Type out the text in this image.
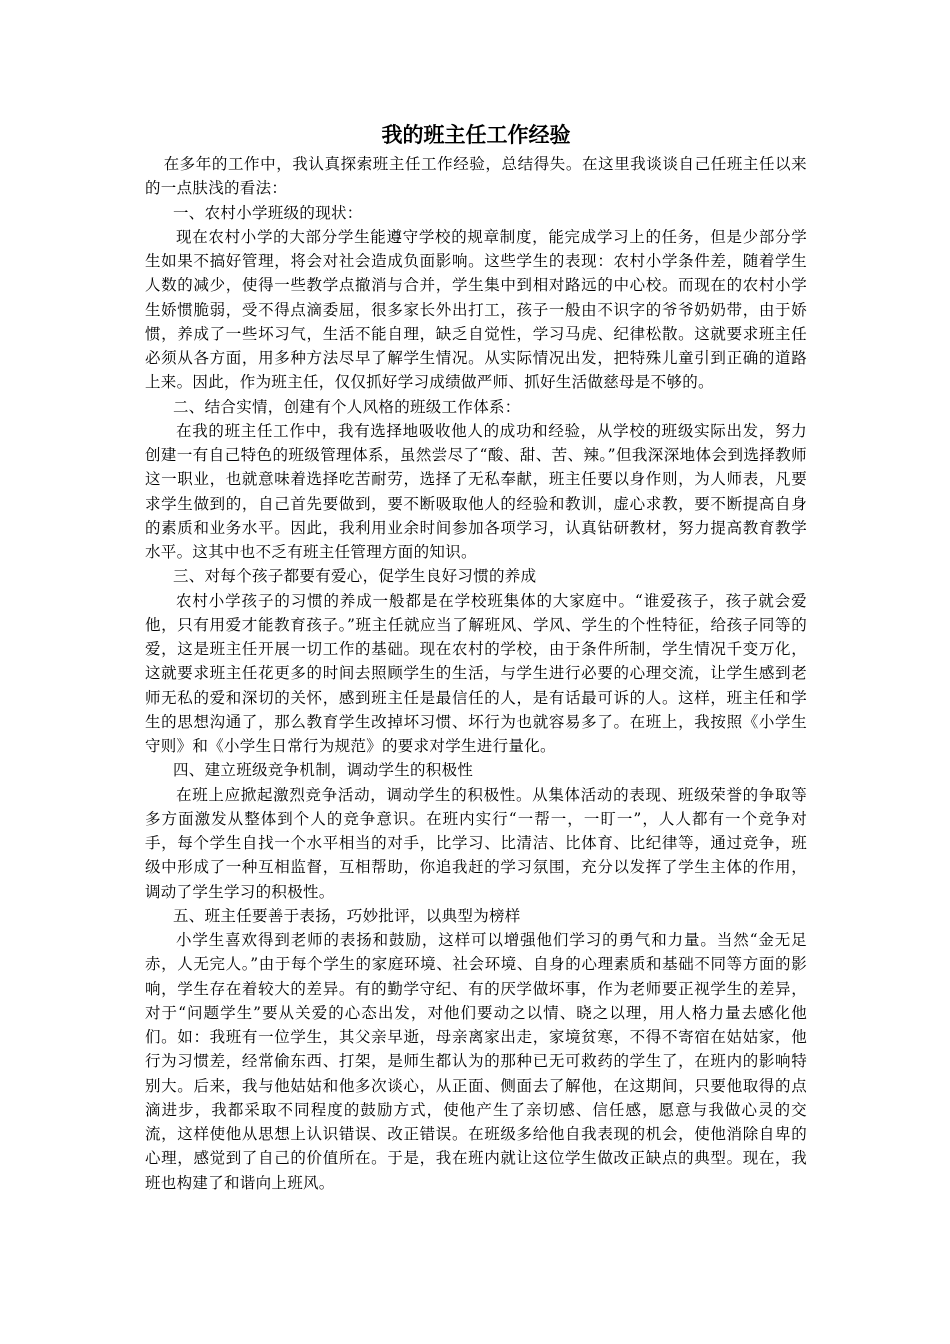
我的班主任工作经验

在多年的工作中，我认真探索班主任工作经验，总结得失。在这里我谈谈自己任班主任以来的一点肤浅的看法：

一、农村小学班级的现状：

现在农村小学的大部分学生能遵守学校的规章制度，能完成学习上的任务，但是少部分学生如果不搞好管理，将会对社会造成负面影响。这些学生的表现：农村小学条件差，随着学生人数的减少，使得一些教学点撤消与合并，学生集中到相对路远的中心校。而现在的农村小学生娇惯脆弱，受不得点滴委屈，很多家长外出打工，孩子一般由不识字的爷爷奶奶带，由于娇惯，养成了一些坏习气，生活不能自理，缺乏自觉性，学习马虎、纪律松散。这就要求班主任必须从各方面，用多种方法尽早了解学生情况。从实际情况出发，把特殊儿童引到正确的道路上来。因此，作为班主任，仅仅抓好学习成绩做严师、抓好生活做慈母是不够的。

二、结合实情，创建有个人风格的班级工作体系：

在我的班主任工作中，我有选择地吸收他人的成功和经验，从学校的班级实际出发，努力创建一有自己特色的班级管理体系，虽然尝尽了“酸、甜、苦、辣。”但我深深地体会到选择教师这一职业，也就意味着选择吃苦耐劳，选择了无私奉献，班主任要以身作则，为人师表，凡要求学生做到的，自己首先要做到，要不断吸取他人的经验和教训，虚心求教，要不断提高自身的素质和业务水平。因此，我利用业余时间参加各项学习，认真钻研教材，努力提高教育教学水平。这其中也不乏有班主任管理方面的知识。

三、对每个孩子都要有爱心，促学生良好习惯的养成

农村小学孩子的习惯的养成一般都是在学校班集体的大家庭中。“谁爱孩子，孩子就会爱他，只有用爱才能教育孩子。”班主任就应当了解班风、学风、学生的个性特征，给孩子同等的爱，这是班主任开展一切工作的基础。现在农村的学校，由于条件所制，学生情况千变万化，这就要求班主任花更多的时间去照顾学生的生活，与学生进行必要的心理交流，让学生感到老师无私的爱和深切的关怀，感到班主任是最信任的人，是有话最可诉的人。这样，班主任和学生的思想沟通了，那么教育学生改掉坏习惯、坏行为也就容易多了。在班上，我按照《小学生守则》和《小学生日常行为规范》的要求对学生进行量化。

四、建立班级竞争机制，调动学生的积极性

在班上应掀起激烈竞争活动，调动学生的积极性。从集体活动的表现、班级荣誉的争取等多方面激发从整体到个人的竞争意识。在班内实行“一帮一，一盯一”，人人都有一个竞争对手，每个学生自找一个水平相当的对手，比学习、比清洁、比体育、比纪律等，通过竞争，班级中形成了一种互相监督，互相帮助，你追我赶的学习氛围，充分以发挥了学生主体的作用，调动了学生学习的积极性。

五、班主任要善于表扬，巧妙批评，以典型为榜样

小学生喜欢得到老师的表扬和鼓励，这样可以增强他们学习的勇气和力量。当然“金无足赤，人无完人。”由于每个学生的家庭环境、社会环境、自身的心理素质和基础不同等方面的影响，学生存在着较大的差异。有的勤学守纪、有的厌学做坏事，作为老师要正视学生的差异，对于“问题学生”要从关爱的心态出发，对他们要动之以情、晓之以理，用人格力量去感化他们。如：我班有一位学生，其父亲早逝，母亲离家出走，家境贫寒，不得不寄宿在姑姑家，他行为习惯差，经常偷东西、打架，是师生都认为的那种已无可救药的学生了，在班内的影响特别大。后来，我与他姑姑和他多次谈心，从正面、侧面去了解他，在这期间，只要他取得的点滴进步，我都采取不同程度的鼓励方式，使他产生了亲切感、信任感，愿意与我做心灵的交流，这样使他从思想上认识错误、改正错误。在班级多给他自我表现的机会，使他消除自卑的心理，感觉到了自己的价值所在。于是，我在班内就让这位学生做改正缺点的典型。现在，我班也构建了和谐向上班风。
